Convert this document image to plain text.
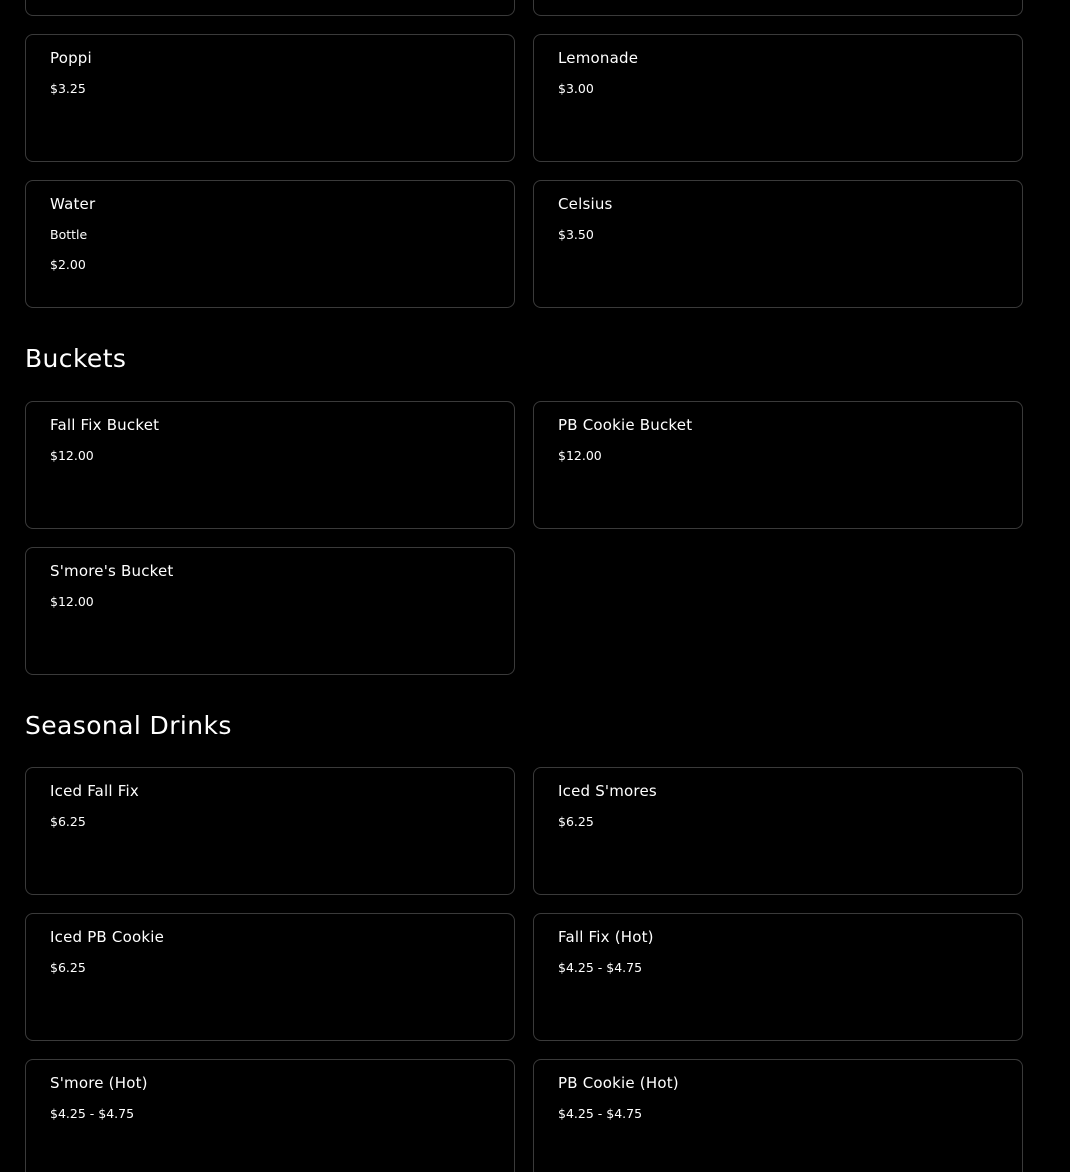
Poppi
$3.25
Lemonade
$3.00
Water
Bottle
$2.00
Celsius
$3.50
Buckets
Fall Fix Bucket
$12.00
PB Cookie Bucket
$12.00
S'more's Bucket
$12.00
Seasonal Drinks
Iced Fall Fix
$6.25
Iced S'mores
$6.25
Iced PB Cookie
$6.25
Fall Fix (Hot)
$4.25 - $4.75
S'more (Hot)
$4.25 - $4.75
PB Cookie (Hot)
$4.25 - $4.75
